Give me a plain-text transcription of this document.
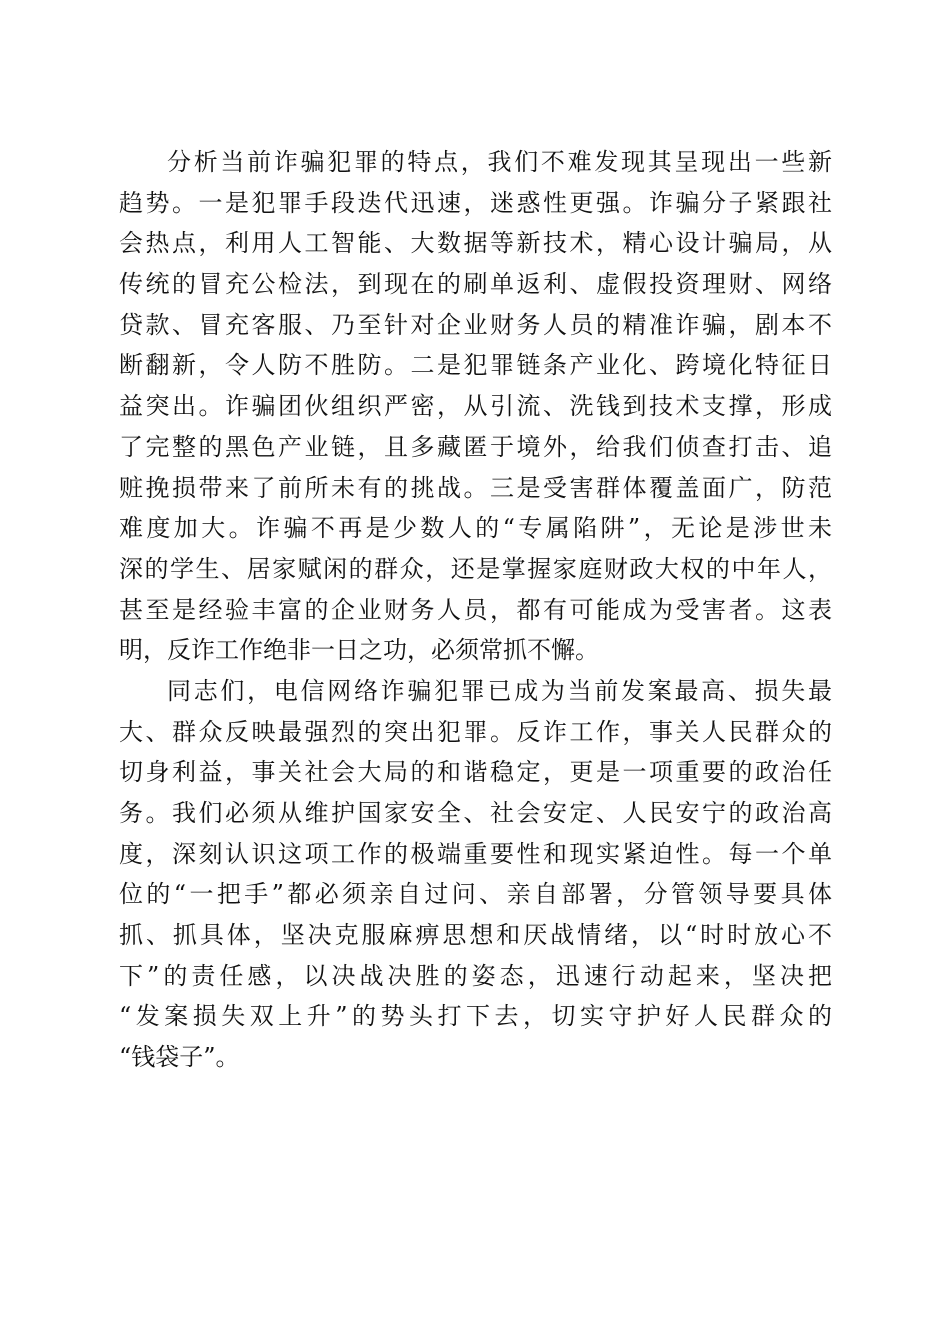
分析当前诈骗犯罪的特点，我们不难发现其呈现出一些新
趋势。一是犯罪手段迭代迅速，迷惑性更强。诈骗分子紧跟社
会热点，利用人工智能、大数据等新技术，精心设计骗局，从
传统的冒充公检法，到现在的刷单返利、虚假投资理财、网络
贷款、冒充客服、乃至针对企业财务人员的精准诈骗，剧本不
断翻新，令人防不胜防。二是犯罪链条产业化、跨境化特征日
益突出。诈骗团伙组织严密，从引流、洗钱到技术支撑，形成
了完整的黑色产业链，且多藏匿于境外，给我们侦查打击、追
赃挽损带来了前所未有的挑战。三是受害群体覆盖面广，防范
难度加大。诈骗不再是少数人的“专属陷阱”，无论是涉世未
深的学生、居家赋闲的群众，还是掌握家庭财政大权的中年人，
甚至是经验丰富的企业财务人员，都有可能成为受害者。这表
明，反诈工作绝非一日之功，必须常抓不懈。
同志们，电信网络诈骗犯罪已成为当前发案最高、损失最
大、群众反映最强烈的突出犯罪。反诈工作，事关人民群众的
切身利益，事关社会大局的和谐稳定，更是一项重要的政治任
务。我们必须从维护国家安全、社会安定、人民安宁的政治高
度，深刻认识这项工作的极端重要性和现实紧迫性。每一个单
位的“一把手”都必须亲自过问、亲自部署，分管领导要具体
抓、抓具体，坚决克服麻痹思想和厌战情绪，以“时时放心不
下”的责任感，以决战决胜的姿态，迅速行动起来，坚决把
“发案损失双上升”的势头打下去，切实守护好人民群众的
“钱袋子”。
